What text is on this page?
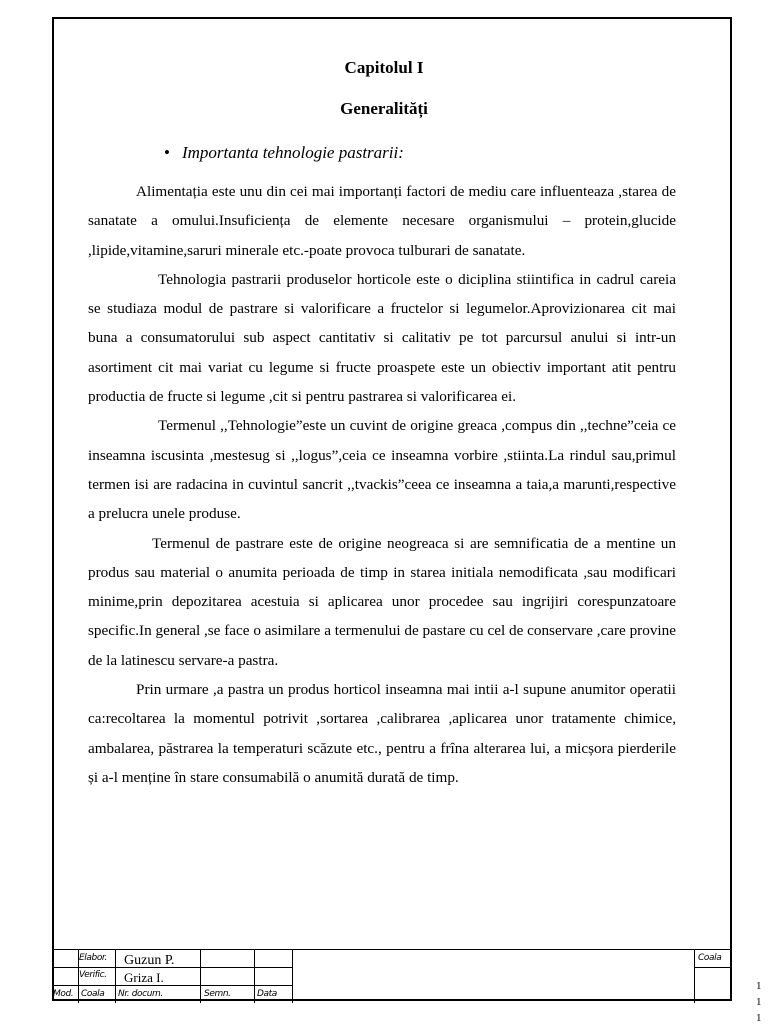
Capitolul I
Generalități
• Importanta tehnologie pastrarii:

Alimentația este unu din cei mai importanți factori de mediu care influenteaza ,starea de sanatate a omului.Insuficiența de elemente necesare organismului – protein,glucide ,lipide,vitamine,saruri minerale etc.-poate provoca tulburari de sanatate.

Tehnologia pastrarii produselor horticole este o diciplina stiintifica in cadrul careia se studiaza modul de pastrare si valorificare a fructelor si legumelor.Aprovizionarea cit mai buna a consumatorului sub aspect cantitativ si calitativ pe tot parcursul anului si intr-un asortiment cit mai variat cu legume si fructe proaspete este un obiectiv important atit pentru productia de fructe si legume ,cit si pentru pastrarea si valorificarea ei.

Termenul ,,Tehnologie”este un cuvint de origine greaca ,compus din ,,techne”ceia ce inseamna iscusinta ,mestesug si ,,logus”,ceia ce inseamna vorbire ,stiinta.La rindul sau,primul termen isi are radacina in cuvintul sancrit ,,tvackis”ceea ce inseamna a taia,a marunti,respective a prelucra unele produse.

Termenul de pastrare este de origine neogreaca si are semnificatia de a mentine un produs sau material o anumita perioada de timp in starea initiala nemodificata ,sau modificari minime,prin depozitarea acestuia si aplicarea unor procedee sau ingrijiri corespunzatoare specific.In general ,se face o asimilare a termenului de pastare cu cel de conservare ,care provine de la latinescu servare-a pastra.

Prin urmare ,a pastra un produs horticol inseamna mai intii a-l supune anumitor operatii ca:recoltarea la momentul potrivit ,sortarea ,calibrarea ,aplicarea unor tratamente chimice, ambalarea, păstrarea la temperaturi scăzute etc., pentru a frîna alterarea lui, a micșora pierderile și a-l menține în stare consumabilă o anumită durată de timp.

Elabor.	Guzun P.
Verific.	Griza I.
Mod. Coala	Nr. docum.	Semn.	Data
Coala
1
1
1
